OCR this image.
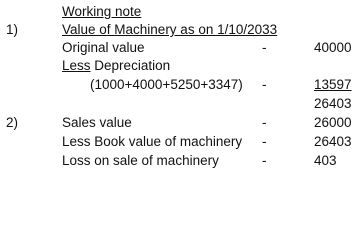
Working note
1)	Value of Machinery as on 1/10/2033
Original value	-	40000
Less Depreciation
(1000+4000+5250+3347) -	13597
26403
2)	Sales value	-	26000
Less Book value of machinery -	26403
Loss on sale of machinery	-	403
